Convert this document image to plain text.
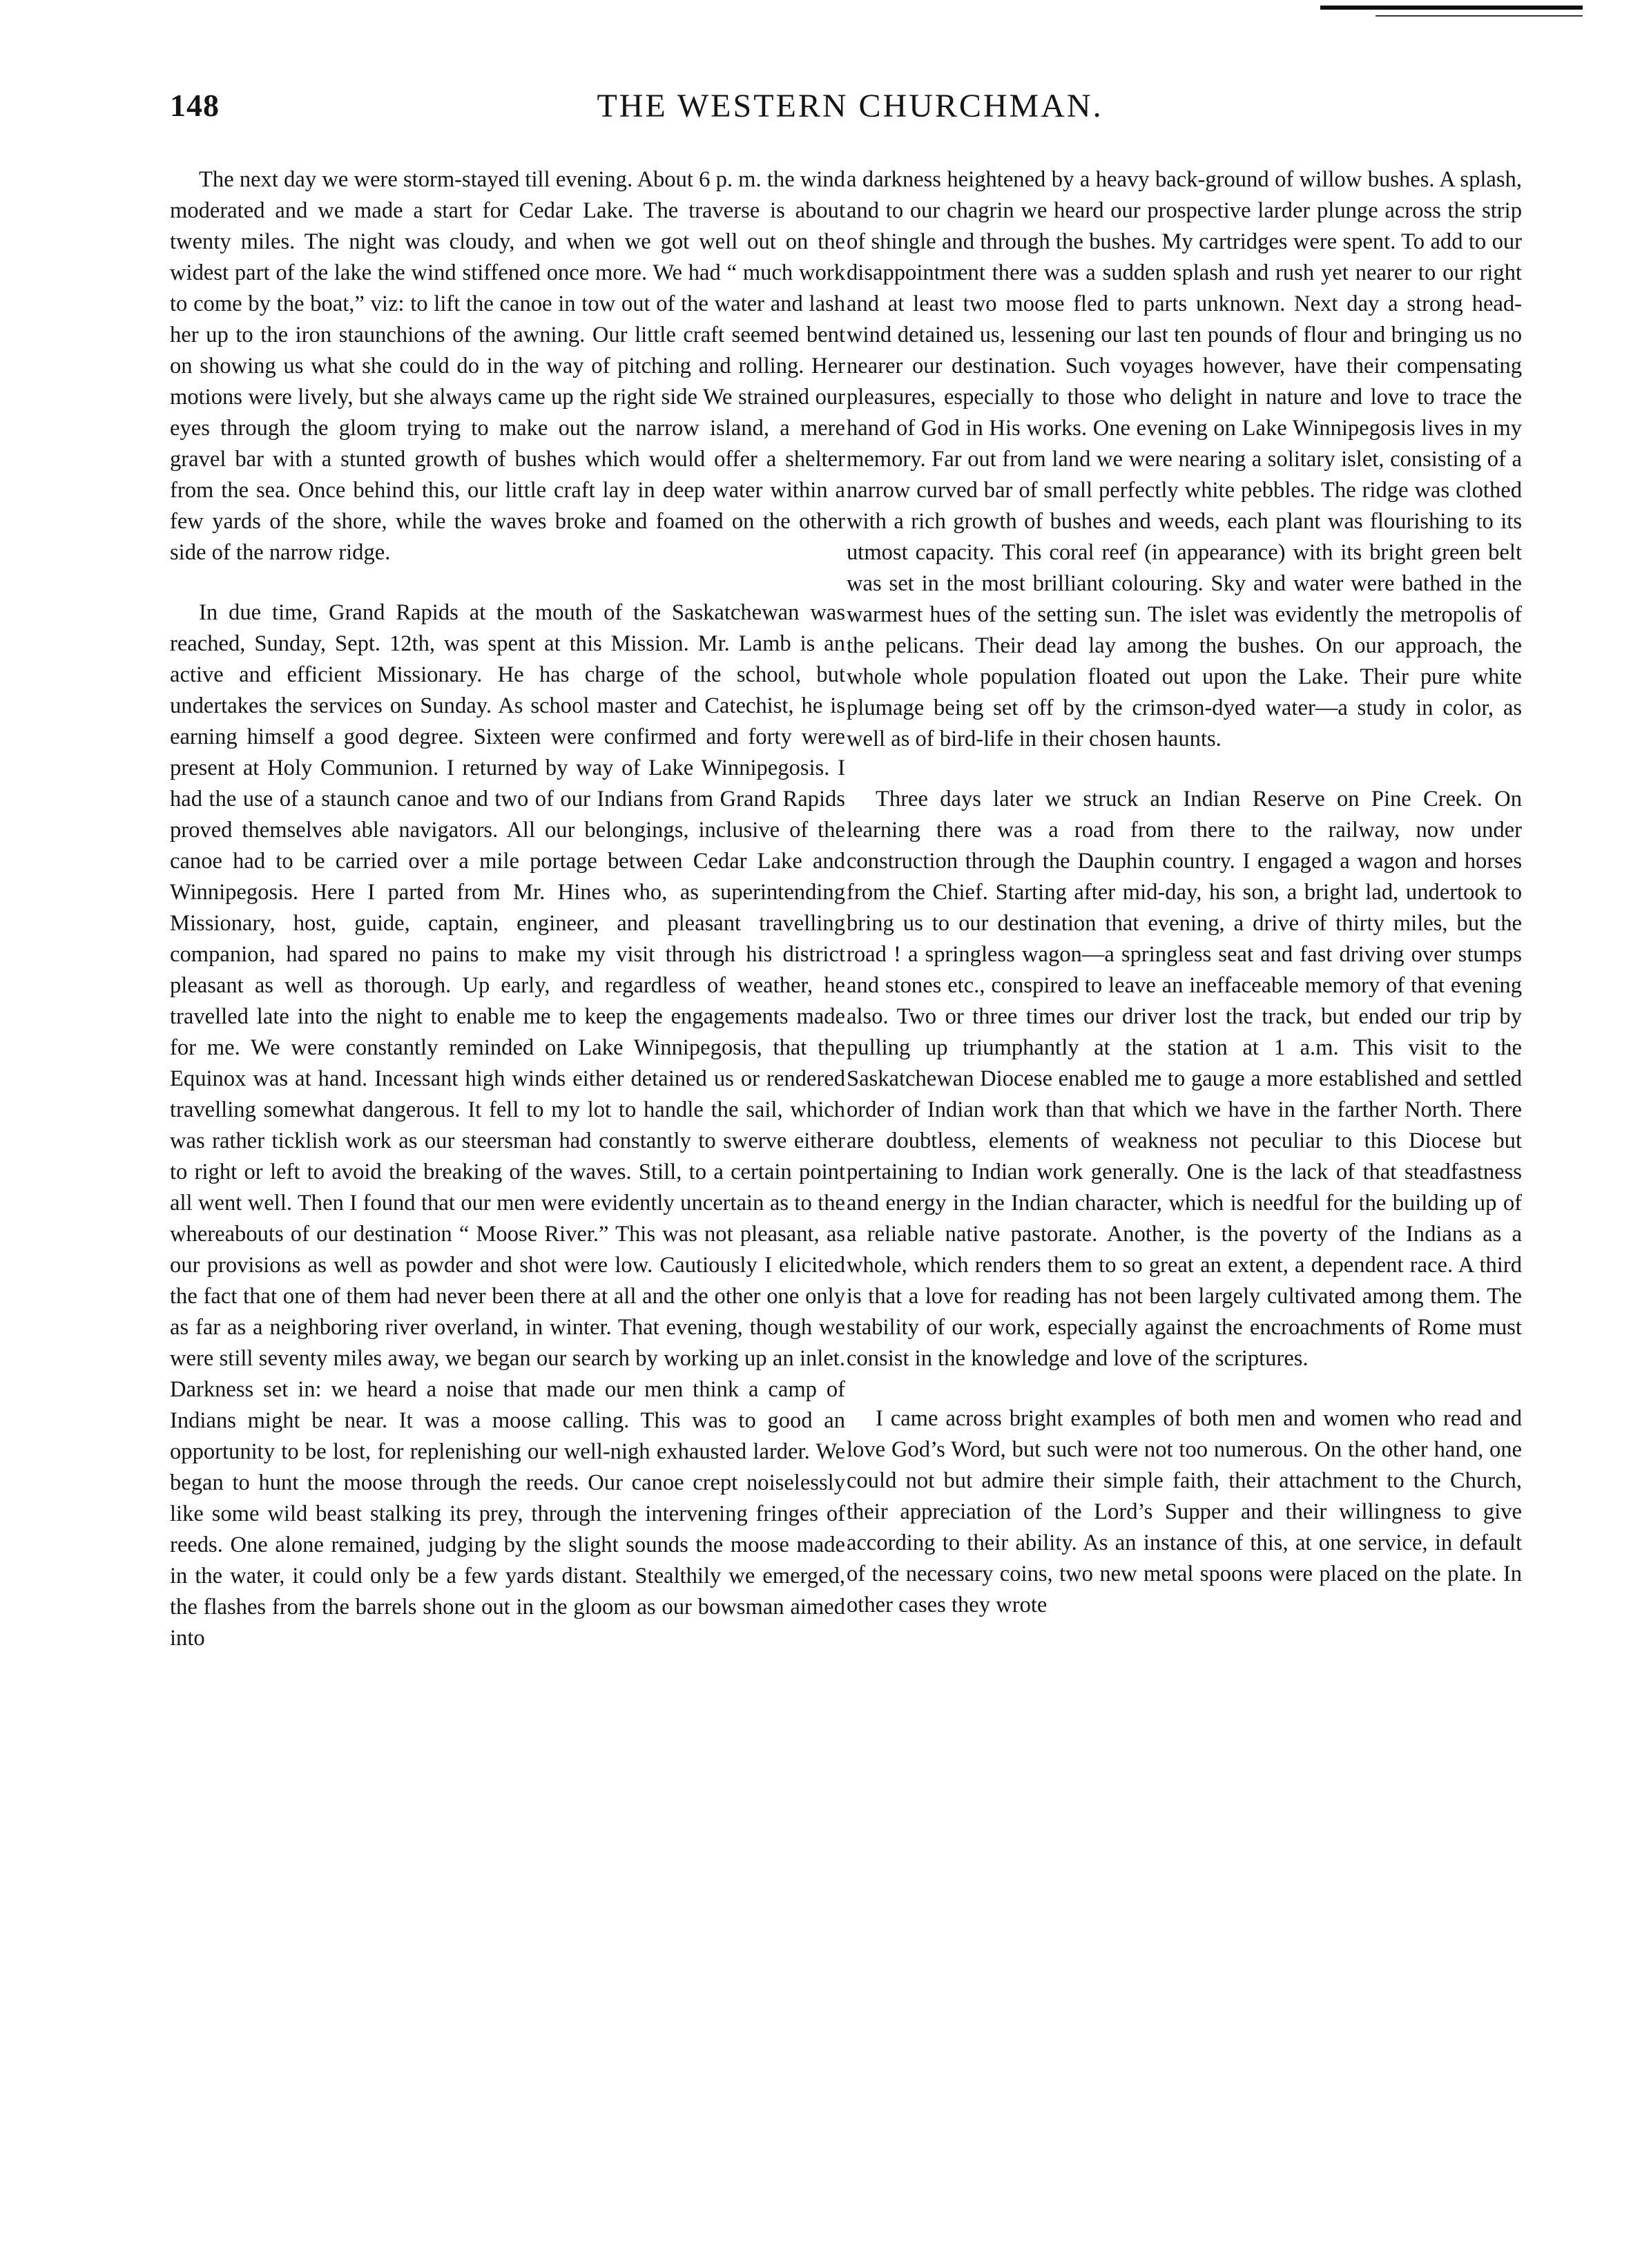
148	THE WESTERN CHURCHMAN.

The next day we were storm-stayed till evening. About 6 p. m. the wind moderated and we made a start for Cedar Lake. The traverse is about twenty miles. The night was cloudy, and when we got well out on the widest part of the lake the wind stiffened once more. We had “ much work to come by the boat,” viz: to lift the canoe in tow out of the water and lash her up to the iron staunchions of the awning. Our little craft seemed bent on showing us what she could do in the way of pitching and rolling. Her motions were lively, but she always came up the right side We strained our eyes through the gloom trying to make out the narrow island, a mere gravel bar with a stunted growth of bushes which would offer a shelter from the sea. Once behind this, our little craft lay in deep water within a few yards of the shore, while the waves broke and foamed on the other side of the narrow ridge.

In due time, Grand Rapids at the mouth of the Saskatchewan was reached, Sunday, Sept. 12th, was spent at this Mission. Mr. Lamb is an active and efficient Missionary. He has charge of the school, but undertakes the services on Sunday. As school master and Catechist, he is earning himself a good degree. Sixteen were confirmed and forty were present at Holy Communion. I returned by way of Lake Winnipegosis. I had the use of a staunch canoe and two of our Indians from Grand Rapids proved themselves able navigators. All our belongings, inclusive of the canoe had to be carried over a mile portage between Cedar Lake and Winnipegosis. Here I parted from Mr. Hines who, as superintending Missionary, host, guide, captain, engineer, and pleasant travelling companion, had spared no pains to make my visit through his district pleasant as well as thorough. Up early, and regardless of weather, he travelled late into the night to enable me to keep the engagements made for me. We were constantly reminded on Lake Winnipegosis, that the Equinox was at hand. Incessant high winds either detained us or rendered travelling somewhat dangerous. It fell to my lot to handle the sail, which was rather ticklish work as our steersman had constantly to swerve either to right or left to avoid the breaking of the waves. Still, to a certain point all went well. Then I found that our men were evidently uncertain as to the whereabouts of our destination “ Moose River.” This was not pleasant, as our provisions as well as powder and shot were low. Cautiously I elicited the fact that one of them had never been there at all and the other one only as far as a neighboring river overland, in winter. That evening, though we were still seventy miles away, we began our search by working up an inlet. Darkness set in: we heard a noise that made our men think a camp of Indians might be near. It was a moose calling. This was to good an opportunity to be lost, for replenishing our well-nigh exhausted larder. We began to hunt the moose through the reeds. Our canoe crept noiselessly like some wild beast stalking its prey, through the intervening fringes of reeds. One alone remained, judging by the slight sounds the moose made in the water, it could only be a few yards distant. Stealthily we emerged, the flashes from the barrels shone out in the gloom as our bowsman aimed into

a darkness heightened by a heavy back-ground of willow bushes. A splash, and to our chagrin we heard our prospective larder plunge across the strip of shingle and through the bushes. My cartridges were spent. To add to our disappointment there was a sudden splash and rush yet nearer to our right and at least two moose fled to parts unknown. Next day a strong head-wind detained us, lessening our last ten pounds of flour and bringing us no nearer our destination. Such voyages however, have their compensating pleasures, especially to those who delight in nature and love to trace the hand of God in His works. One evening on Lake Winnipegosis lives in my memory. Far out from land we were nearing a solitary islet, consisting of a narrow curved bar of small perfectly white pebbles. The ridge was clothed with a rich growth of bushes and weeds, each plant was flourishing to its utmost capacity. This coral reef (in appearance) with its bright green belt was set in the most brilliant colouring. Sky and water were bathed in the warmest hues of the setting sun. The islet was evidently the metropolis of the pelicans. Their dead lay among the bushes. On our approach, the whole whole population floated out upon the Lake. Their pure white plumage being set off by the crimson-dyed water—a study in color, as well as of bird-life in their chosen haunts.

Three days later we struck an Indian Reserve on Pine Creek. On learning there was a road from there to the railway, now under construction through the Dauphin country. I engaged a wagon and horses from the Chief. Starting after mid-day, his son, a bright lad, undertook to bring us to our destination that evening, a drive of thirty miles, but the road ! a springless wagon—a springless seat and fast driving over stumps and stones etc., conspired to leave an ineffaceable memory of that evening also. Two or three times our driver lost the track, but ended our trip by pulling up triumphantly at the station at 1 a.m. This visit to the Saskatchewan Diocese enabled me to gauge a more established and settled order of Indian work than that which we have in the farther North. There are doubtless, elements of weakness not peculiar to this Diocese but pertaining to Indian work generally. One is the lack of that steadfastness and energy in the Indian character, which is needful for the building up of a reliable native pastorate. Another, is the poverty of the Indians as a whole, which renders them to so great an extent, a dependent race. A third is that a love for reading has not been largely cultivated among them. The stability of our work, especially against the encroachments of Rome must consist in the knowledge and love of the scriptures.

I came across bright examples of both men and women who read and love God’s Word, but such were not too numerous. On the other hand, one could not but admire their simple faith, their attachment to the Church, their appreciation of the Lord’s Supper and their willingness to give according to their ability. As an instance of this, at one service, in default of the necessary coins, two new metal spoons were placed on the plate. In other cases they wrote
